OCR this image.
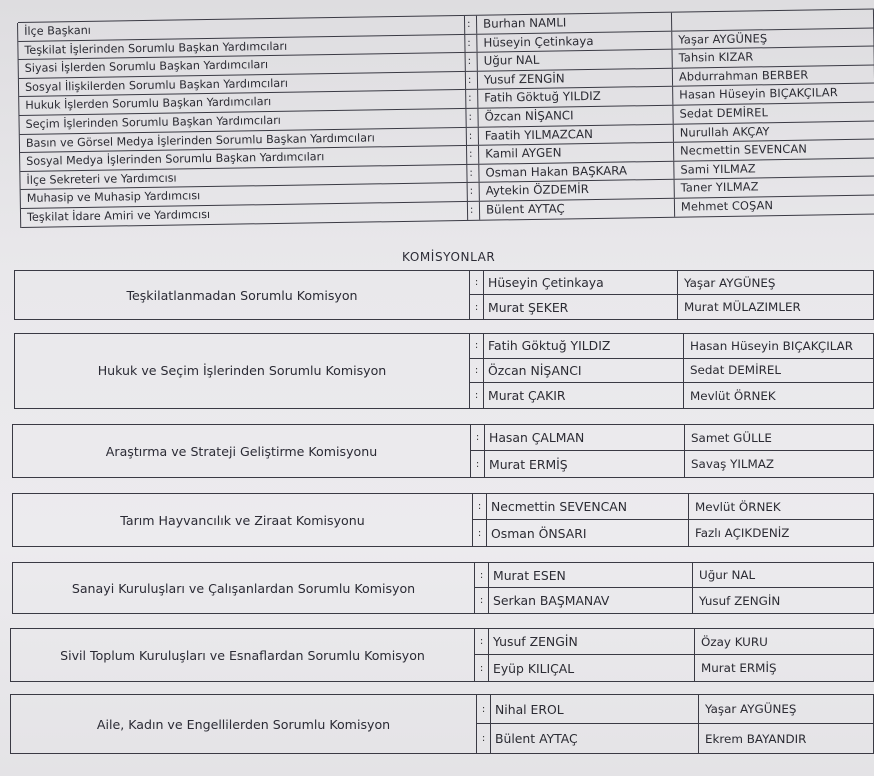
İlçe Başkanı	:	Burhan NAMLI
Teşkilat İşlerinden Sorumlu Başkan Yardımcıları	:	Hüseyin Çetinkaya	Yaşar AYGÜNEŞ
Siyasi İşlerden Sorumlu Başkan Yardımcıları	:	Uğur NAL	Tahsin KIZAR
Sosyal İlişkilerden Sorumlu Başkan Yardımcıları	:	Yusuf ZENGİN	Abdurrahman BERBER
Hukuk İşlerden Sorumlu Başkan Yardımcıları	:	Fatih Göktuğ YILDIZ	Hasan Hüseyin BIÇAKÇILAR
Seçim İşlerinden Sorumlu Başkan Yardımcıları	:	Özcan NİŞANCI	Sedat DEMİREL
Basın ve Görsel Medya İşlerinden Sorumlu Başkan Yardımcıları	:	Faatih YILMAZCAN	Nurullah AKÇAY
Sosyal Medya İşlerinden Sorumlu Başkan Yardımcıları	:	Kamil AYGEN	Necmettin SEVENCAN
İlçe Sekreteri ve Yardımcısı	:	Osman Hakan BAŞKARA	Sami YILMAZ
Muhasip ve Muhasip Yardımcısı	:	Aytekin ÖZDEMİR	Taner YILMAZ
Teşkilat İdare Amiri ve Yardımcısı	:	Bülent AYTAÇ	Mehmet COŞAN
KOMİSYONLAR
Teşkilatlanmadan Sorumlu Komisyon
: Hüseyin Çetinkaya	Yaşar AYGÜNEŞ
: Murat ŞEKER	Murat MÜLAZIMLER
Hukuk ve Seçim İşlerinden Sorumlu Komisyon
: Fatih Göktuğ YILDIZ	Hasan Hüseyin BIÇAKÇILAR
: Özcan NİŞANCI	Sedat DEMİREL
: Murat ÇAKIR	Mevlüt ÖRNEK
Araştırma ve Strateji Geliştirme Komisyonu
: Hasan ÇALMAN	Samet GÜLLE
: Murat ERMİŞ	Savaş YILMAZ
Tarım Hayvancılık ve Ziraat Komisyonu
: Necmettin SEVENCAN	Mevlüt ÖRNEK
: Osman ÖNSARI	Fazlı AÇIKDENİZ
Sanayi Kuruluşları ve Çalışanlardan Sorumlu Komisyon
: Murat ESEN	Uğur NAL
: Serkan BAŞMANAV	Yusuf ZENGİN
Sivil Toplum Kuruluşları ve Esnaflardan Sorumlu Komisyon
: Yusuf ZENGİN	Özay KURU
: Eyüp KILIÇAL	Murat ERMİŞ
Aile, Kadın ve Engellilerden Sorumlu Komisyon
: Nihal EROL	Yaşar AYGÜNEŞ
: Bülent AYTAÇ	Ekrem BAYANDIR
